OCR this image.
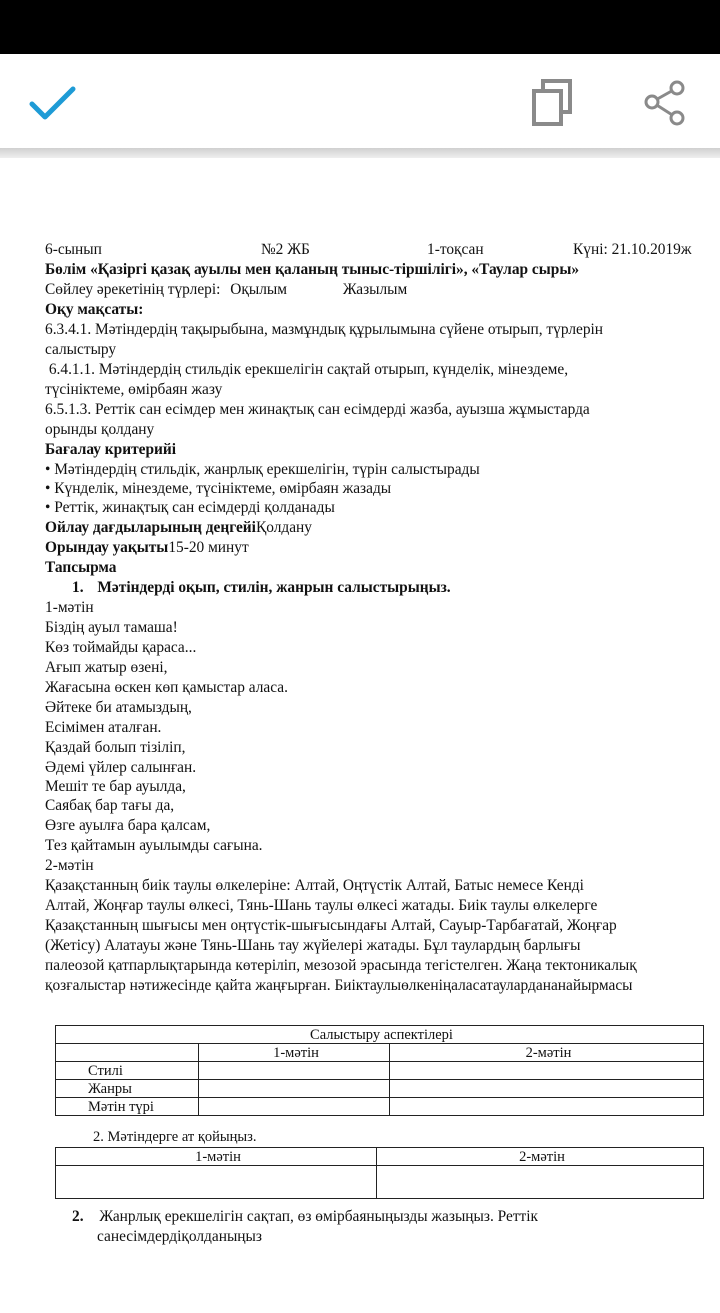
6-сынып	№2 ЖБ	1-тоқсан	Күні: 21.10.2019ж
Бөлім «Қазіргі қазақ ауылы мен қаланың тыныс-тіршілігі», «Таулар сыры»
Сөйлеу әрекетінің түрлері: Оқылым	Жазылым
Оқу мақсаты:
6.3.4.1. Мәтіндердің тақырыбына, мазмұндық құрылымына сүйене отырып, түрлерін
салыстыру
6.4.1.1. Мәтіндердің стильдік ерекшелігін сақтай отырып, күнделік, мінездеме,
түсініктеме, өмірбаян жазу
6.5.1.3. Реттік сан есімдер мен жинақтық сан есімдерді жазба, ауызша жұмыстарда
орынды қолдану
Бағалау критерийі
• Мәтіндердің стильдік, жанрлық ерекшелігін, түрін салыстырады
• Күнделік, мінездеме, түсініктеме, өмірбаян жазады
• Реттік, жинақтық сан есімдерді қолданады
Ойлау дағдыларының деңгейіҚолдану
Орындау уақыты15-20 минут
Тапсырма
1. Мәтіндерді оқып, стилін, жанрын салыстырыңыз.
1-мәтін
Біздің ауыл тамаша!
Көз тоймайды қараса...
Ағып жатыр өзені,
Жағасына өскен көп қамыстар аласа.
Әйтеке би атамыздың,
Есімімен аталған.
Қаздай болып тізіліп,
Әдемі үйлер салынған.
Мешіт те бар ауылда,
Саябақ бар тағы да,
Өзге ауылға бара қалсам,
Тез қайтамын ауылымды сағына.
2-мәтін
Қазақстанның биік таулы өлкелеріне: Алтай, Оңтүстік Алтай, Батыс немесе Кенді
Алтай, Жоңғар таулы өлкесі, Тянь-Шань таулы өлкесі жатады. Биік таулы өлкелерге
Қазақстанның шығысы мен оңтүстік-шығысындағы Алтай, Сауыр-Тарбағатай, Жоңғар
(Жетісу) Алатауы және Тянь-Шань тау жүйелері жатады. Бұл таулардың барлығы
палеозой қатпарлықтарында көтеріліп, мезозой эрасында тегістелген. Жаңа тектоникалық
қозғалыстар нәтижесінде қайта жаңғырған. Биіктаулыөлкеніңаласатаулардананайырмасы
Салыстыру аспектілері		
	1-мәтін	2-мәтін
Стилі		
Жанры		
Мәтін түрі		
2. Мәтіндерге ат қойыңыз.
1-мәтін	2-мәтін

2. Жанрлық ерекшелігін сақтап, өз өмірбаяныңызды жазыңыз. Реттік
санесімдердіқолданыңыз
